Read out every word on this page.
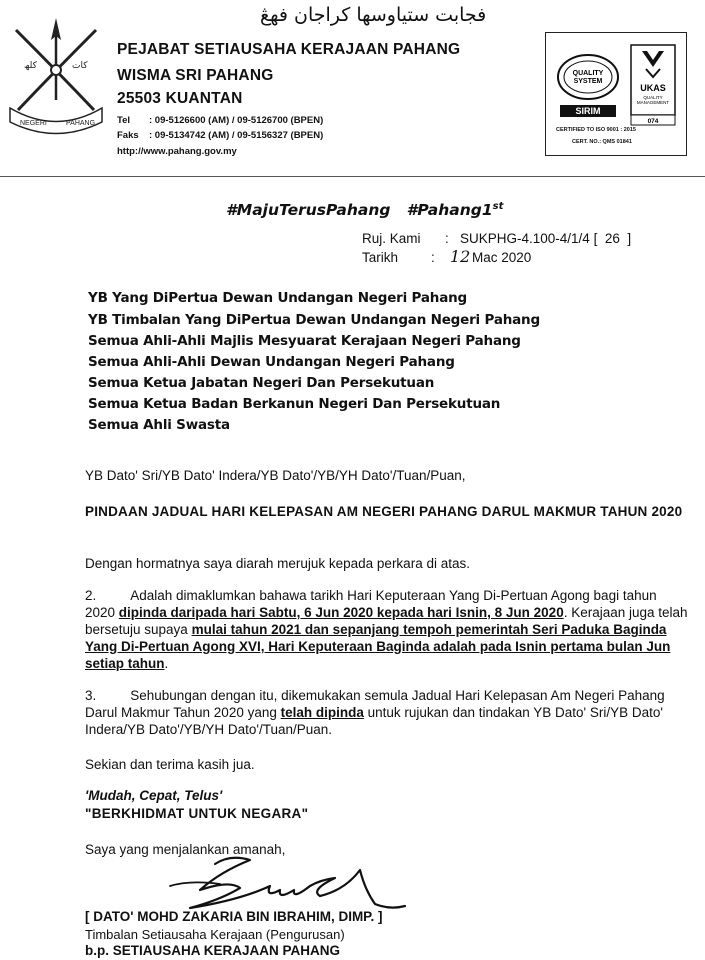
ﮐﻠﮫ	ﮐﺎﺕ
NEGERI	PAHANG
فجابت ستياوسها كراجان فهڠ
PEJABAT SETIAUSAHA KERAJAAN PAHANG
WISMA SRI PAHANG
25503 KUANTAN
Tel : 09-5126600 (AM) / 09-5126700 (BPEN)
Faks : 09-5134742 (AM) / 09-5156327 (BPEN)
http://www.pahang.gov.my
QUALITY
SYSTEM
SIRIM
UKAS
QUALITY
MANAGEMENT
074
CERTIFIED TO ISO 9001 : 2015
CERT. NO.: QMS 01841
#MajuTerusPahang   #Pahang1st
Ruj. Kami :   SUKPHG-4.100-4/1/4 [  26  ]
Tarikh : 12 Mac 2020
YB Yang DiPertua Dewan Undangan Negeri Pahang
YB Timbalan Yang DiPertua Dewan Undangan Negeri Pahang
Semua Ahli-Ahli Majlis Mesyuarat Kerajaan Negeri Pahang
Semua Ahli-Ahli Dewan Undangan Negeri Pahang
Semua Ketua Jabatan Negeri Dan Persekutuan
Semua Ketua Badan Berkanun Negeri Dan Persekutuan
Semua Ahli Swasta
YB Dato' Sri/YB Dato' Indera/YB Dato'/YB/YH Dato'/Tuan/Puan,
PINDAAN JADUAL HARI KELEPASAN AM NEGERI PAHANG DARUL MAKMUR TAHUN 2020
Dengan hormatnya saya diarah merujuk kepada perkara di atas.
2.	Adalah dimaklumkan bahawa tarikh Hari Keputeraan Yang Di-Pertuan Agong bagi tahun 2020 dipinda daripada hari Sabtu, 6 Jun 2020 kepada hari Isnin, 8 Jun 2020. Kerajaan juga telah bersetuju supaya mulai tahun 2021 dan sepanjang tempoh pemerintah Seri Paduka Baginda Yang Di-Pertuan Agong XVI, Hari Keputeraan Baginda adalah pada Isnin pertama bulan Jun setiap tahun.
3.	Sehubungan dengan itu, dikemukakan semula Jadual Hari Kelepasan Am Negeri Pahang Darul Makmur Tahun 2020 yang telah dipinda untuk rujukan dan tindakan YB Dato' Sri/YB Dato' Indera/YB Dato'/YB/YH Dato'/Tuan/Puan.
Sekian dan terima kasih jua.
'Mudah, Cepat, Telus'
"BERKHIDMAT UNTUK NEGARA"
Saya yang menjalankan amanah,
[ DATO' MOHD ZAKARIA BIN IBRAHIM, DIMP. ]
Timbalan Setiausaha Kerajaan (Pengurusan)
b.p. SETIAUSAHA KERAJAAN PAHANG
